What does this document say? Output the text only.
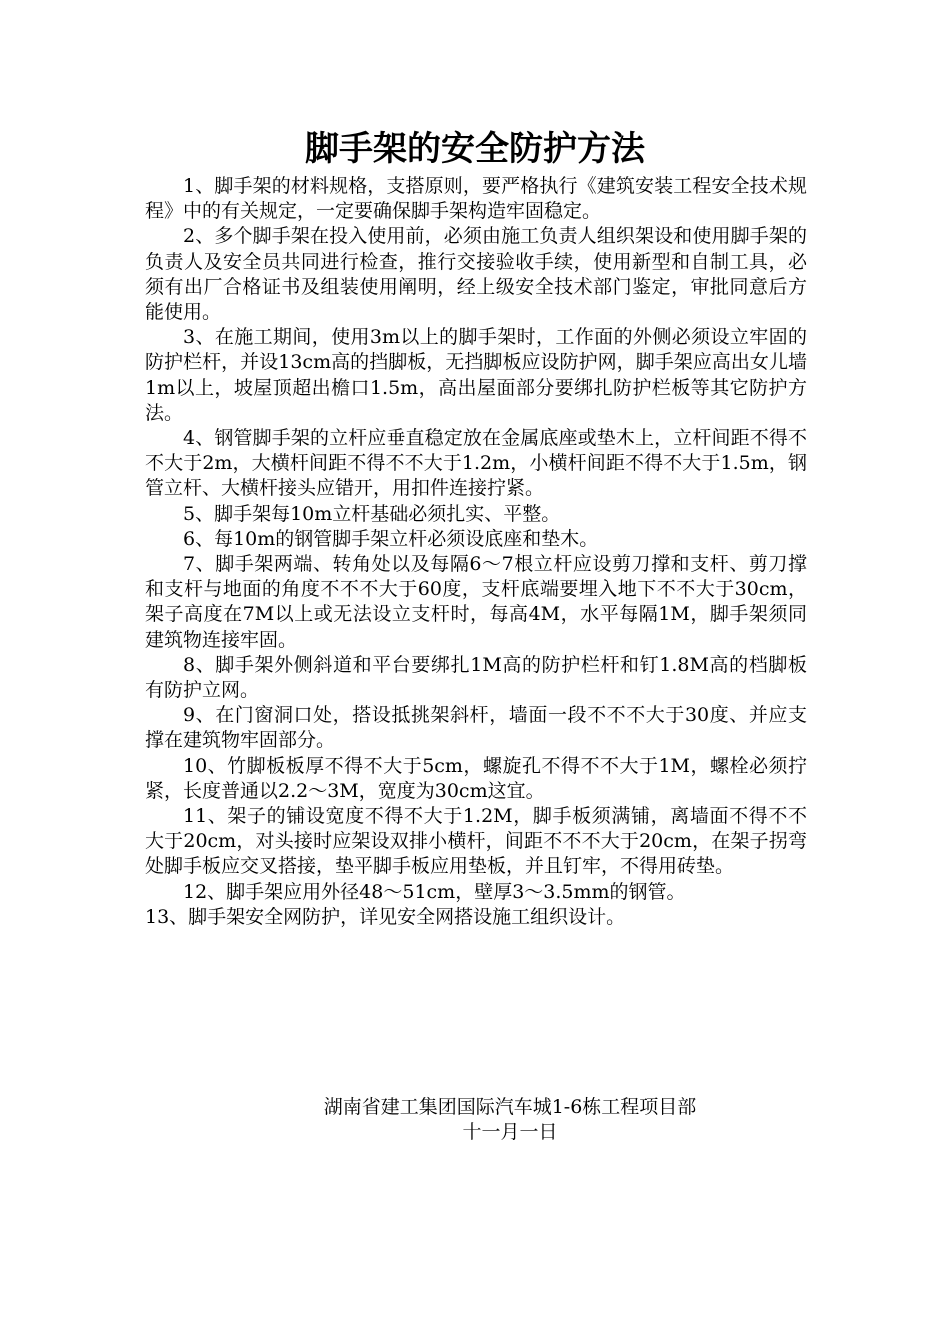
脚手架的安全防护方法

1、脚手架的材料规格，支搭原则，要严格执行《建筑安装工程安全技术规程》中的有关规定，一定要确保脚手架构造牢固稳定。

2、多个脚手架在投入使用前，必须由施工负责人组织架设和使用脚手架的负责人及安全员共同进行检查，推行交接验收手续，使用新型和自制工具，必须有出厂合格证书及组装使用阐明，经上级安全技术部门鉴定，审批同意后方能使用。

3、在施工期间，使用3m以上的脚手架时，工作面的外侧必须设立牢固的防护栏杆，并设13cm高的挡脚板，无挡脚板应设防护网，脚手架应高出女儿墙1m以上，坡屋顶超出檐口1.5m，高出屋面部分要绑扎防护栏板等其它防护方法。

4、钢管脚手架的立杆应垂直稳定放在金属底座或垫木上，立杆间距不得不不大于2m，大横杆间距不得不不大于1.2m，小横杆间距不得不大于1.5m，钢管立杆、大横杆接头应错开，用扣件连接拧紧。

5、脚手架每10m立杆基础必须扎实、平整。

6、每10m的钢管脚手架立杆必须设底座和垫木。

7、脚手架两端、转角处以及每隔6～7根立杆应设剪刀撑和支杆、剪刀撑和支杆与地面的角度不不不大于60度，支杆底端要埋入地下不不大于30cm，架子高度在7M以上或无法设立支杆时，每高4M，水平每隔1M，脚手架须同建筑物连接牢固。

8、脚手架外侧斜道和平台要绑扎1M高的防护栏杆和钉1.8M高的档脚板有防护立网。

9、在门窗洞口处，搭设抵挑架斜杆，墙面一段不不不大于30度、并应支撑在建筑物牢固部分。

10、竹脚板板厚不得不大于5cm，螺旋孔不得不不大于1M，螺栓必须拧紧，长度普通以2.2～3M，宽度为30cm这宜。

11、架子的铺设宽度不得不大于1.2M，脚手板须满铺，离墙面不得不不大于20cm，对头接时应架设双排小横杆，间距不不不大于20cm，在架子拐弯处脚手板应交叉搭接，垫平脚手板应用垫板，并且钉牢，不得用砖垫。

12、脚手架应用外径48～51cm，壁厚3～3.5mm的钢管。

13、脚手架安全网防护，详见安全网搭设施工组织设计。

湖南省建工集团国际汽车城1-6栋工程项目部
十一月一日
